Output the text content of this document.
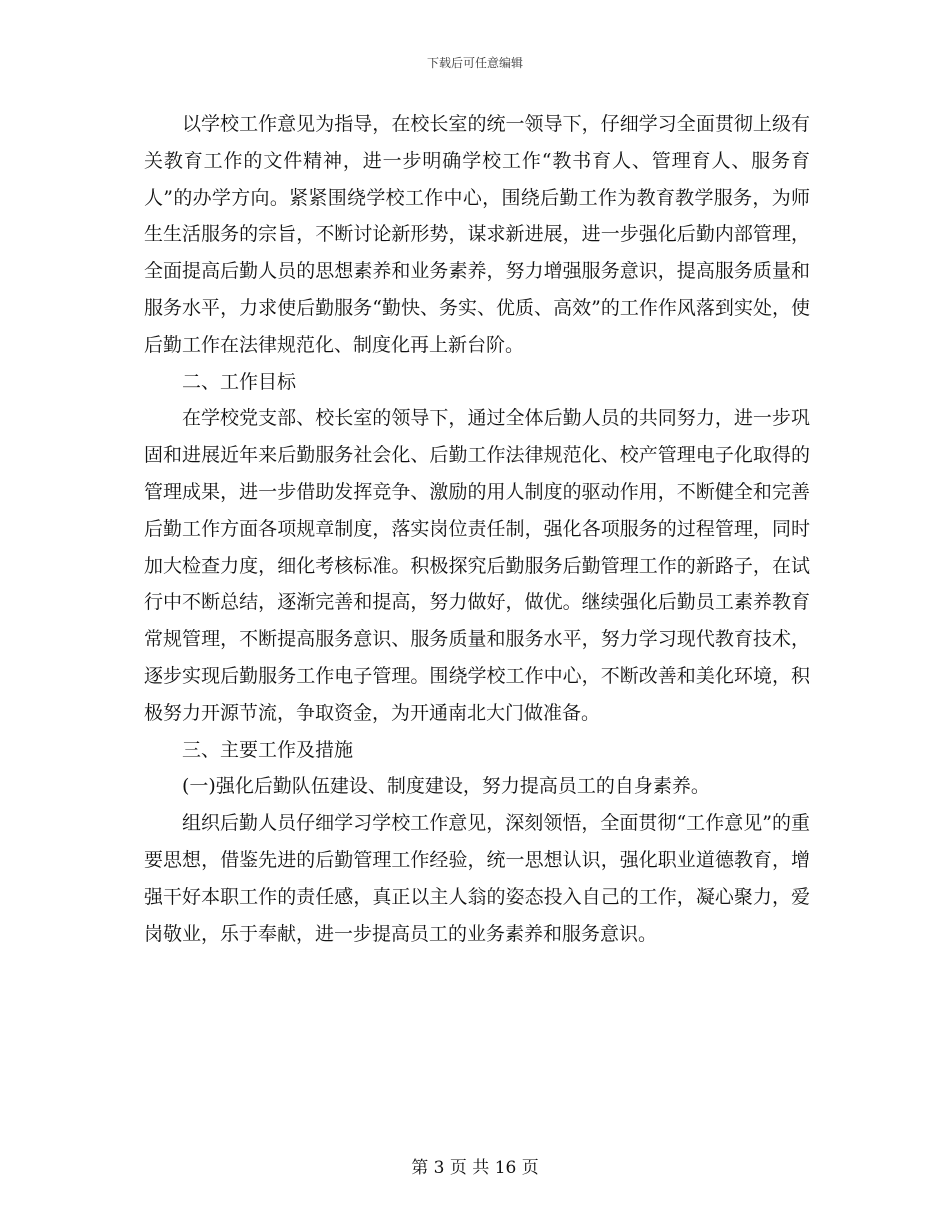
下载后可任意编辑

以学校工作意见为指导，在校长室的统一领导下，仔细学习全面贯彻上级有关教育工作的文件精神，进一步明确学校工作“教书育人、管理育人、服务育人”的办学方向。紧紧围绕学校工作中心，围绕后勤工作为教育教学服务，为师生生活服务的宗旨，不断讨论新形势，谋求新进展，进一步强化后勤内部管理，全面提高后勤人员的思想素养和业务素养，努力增强服务意识，提高服务质量和服务水平，力求使后勤服务“勤快、务实、优质、高效”的工作作风落到实处，使后勤工作在法律规范化、制度化再上新台阶。

二、工作目标

在学校党支部、校长室的领导下，通过全体后勤人员的共同努力，进一步巩固和进展近年来后勤服务社会化、后勤工作法律规范化、校产管理电子化取得的管理成果，进一步借助发挥竞争、激励的用人制度的驱动作用，不断健全和完善后勤工作方面各项规章制度，落实岗位责任制，强化各项服务的过程管理，同时加大检查力度，细化考核标准。积极探究后勤服务后勤管理工作的新路子，在试行中不断总结，逐渐完善和提高，努力做好，做优。继续强化后勤员工素养教育常规管理，不断提高服务意识、服务质量和服务水平，努力学习现代教育技术，逐步实现后勤服务工作电子管理。围绕学校工作中心，不断改善和美化环境，积极努力开源节流，争取资金，为开通南北大门做准备。

三、主要工作及措施

(一)强化后勤队伍建设、制度建设，努力提高员工的自身素养。

组织后勤人员仔细学习学校工作意见，深刻领悟，全面贯彻“工作意见”的重要思想，借鉴先进的后勤管理工作经验，统一思想认识，强化职业道德教育，增强干好本职工作的责任感，真正以主人翁的姿态投入自己的工作，凝心聚力，爱岗敬业，乐于奉献，进一步提高员工的业务素养和服务意识。

第 3 页 共 16 页
